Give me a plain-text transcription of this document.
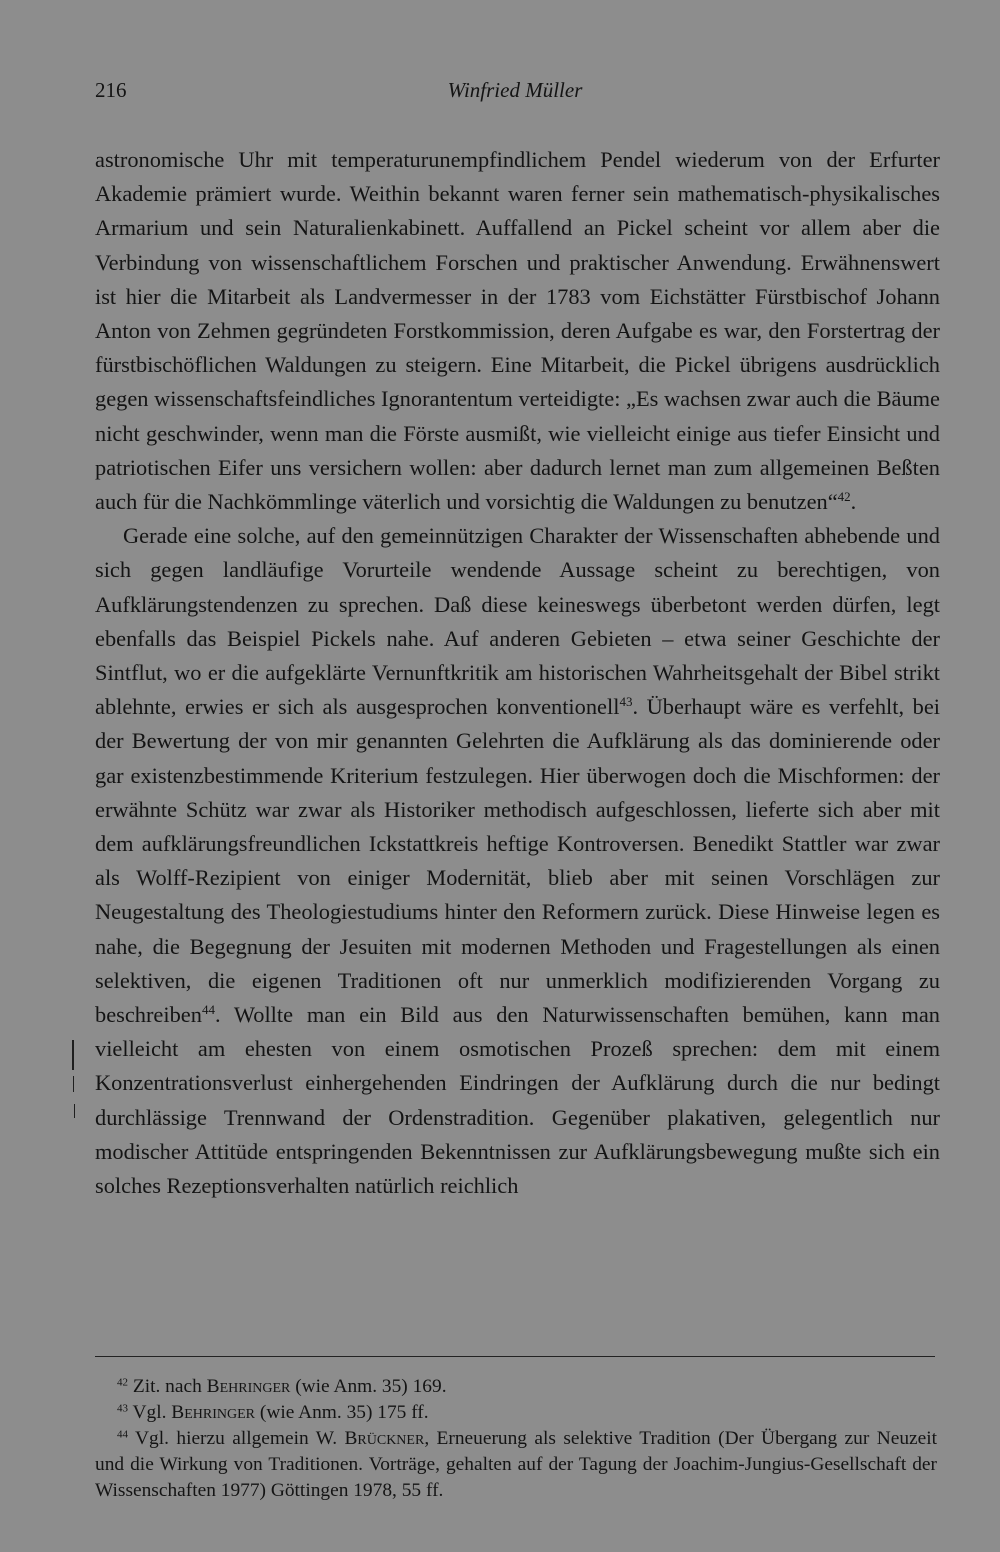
216	Winfried Müller

astronomische Uhr mit temperaturunempfindlichem Pendel wiederum von der Erfurter Akademie prämiert wurde. Weithin bekannt waren ferner sein mathematisch-physikalisches Armarium und sein Naturalienkabinett. Auffallend an Pickel scheint vor allem aber die Verbindung von wissenschaftlichem Forschen und praktischer Anwendung. Erwähnenswert ist hier die Mitarbeit als Landvermesser in der 1783 vom Eichstätter Fürstbischof Johann Anton von Zehmen gegründeten Forstkommission, deren Aufgabe es war, den Forstertrag der fürstbischöflichen Waldungen zu steigern. Eine Mitarbeit, die Pickel übrigens ausdrücklich gegen wissenschaftsfeindliches Ignorantentum verteidigte: „Es wachsen zwar auch die Bäume nicht geschwinder, wenn man die Förste ausmißt, wie vielleicht einige aus tiefer Einsicht und patriotischen Eifer uns versichern wollen: aber dadurch lernet man zum allgemeinen Beßten auch für die Nachkömmlinge väterlich und vorsichtig die Waldungen zu benutzen“$^{42}$.

Gerade eine solche, auf den gemeinnützigen Charakter der Wissenschaften abhebende und sich gegen landläufige Vorurteile wendende Aussage scheint zu berechtigen, von Aufklärungstendenzen zu sprechen. Daß diese keineswegs überbetont werden dürfen, legt ebenfalls das Beispiel Pickels nahe. Auf anderen Gebieten – etwa seiner Geschichte der Sintflut, wo er die aufgeklärte Vernunftkritik am historischen Wahrheitsgehalt der Bibel strikt ablehnte, erwies er sich als ausgesprochen konventionell$^{43}$. Überhaupt wäre es verfehlt, bei der Bewertung der von mir genannten Gelehrten die Aufklärung als das dominierende oder gar existenzbestimmende Kriterium festzulegen. Hier überwogen doch die Mischformen: der erwähnte Schütz war zwar als Historiker methodisch aufgeschlossen, lieferte sich aber mit dem aufklärungsfreundlichen Ickstattkreis heftige Kontroversen. Benedikt Stattler war zwar als Wolff-Rezipient von einiger Modernität, blieb aber mit seinen Vorschlägen zur Neugestaltung des Theologiestudiums hinter den Reformern zurück. Diese Hinweise legen es nahe, die Begegnung der Jesuiten mit modernen Methoden und Fragestellungen als einen selektiven, die eigenen Traditionen oft nur unmerklich modifizierenden Vorgang zu beschreiben$^{44}$. Wollte man ein Bild aus den Naturwissenschaften bemühen, kann man vielleicht am ehesten von einem osmotischen Prozeß sprechen: dem mit einem Konzentrationsverlust einhergehenden Eindringen der Aufklärung durch die nur bedingt durchlässige Trennwand der Ordenstradition. Gegenüber plakativen, gelegentlich nur modischer Attitüde entspringenden Bekenntnissen zur Aufklärungsbewegung mußte sich ein solches Rezeptionsverhalten natürlich reichlich

$^{42}$ Zit. nach Behringer (wie Anm. 35) 169.

$^{43}$ Vgl. Behringer (wie Anm. 35) 175 ff.

$^{44}$ Vgl. hierzu allgemein W. Brückner, Erneuerung als selektive Tradition (Der Übergang zur Neuzeit und die Wirkung von Traditionen. Vorträge, gehalten auf der Tagung der Joachim-Jungius-Gesellschaft der Wissenschaften 1977) Göttingen 1978, 55 ff.
